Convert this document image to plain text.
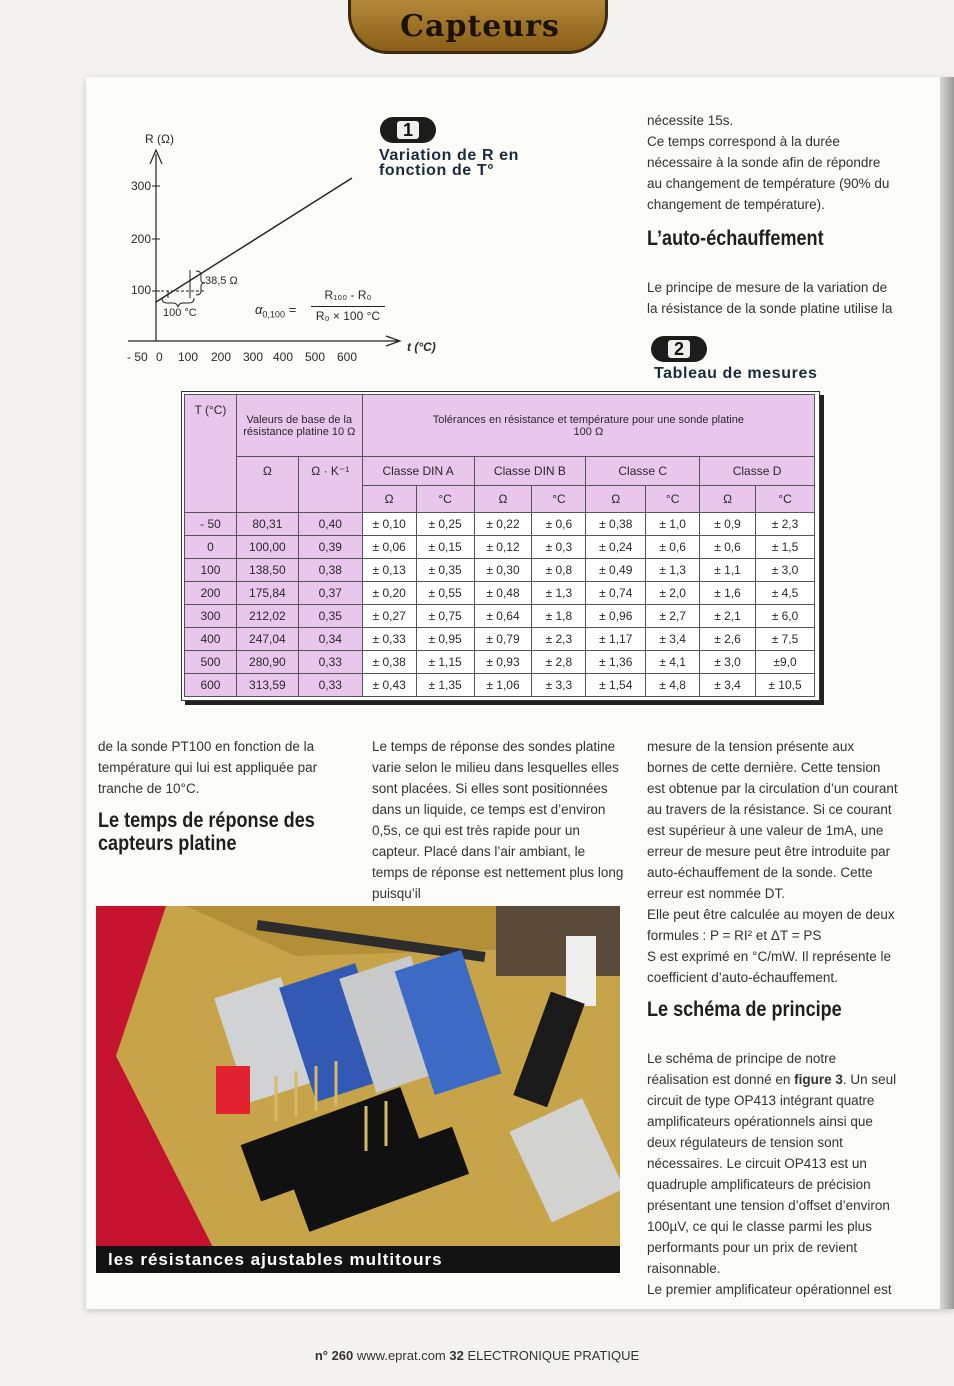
Capteurs
R (Ω)
t (°C)
300
200
100
- 50 0 100 200 300 400 500 600
38,5 Ω
100 °C	$\alpha_{0,100}$ =
R₁₀₀ - R₀
R₀ × 100 °C
1
Variation de R en
fonction de T°
nécessite 15s.
Ce temps correspond à la durée nécessaire à la sonde afin de répondre au changement de température (90% du changement de température).
L’auto-échauffement
Le principe de mesure de la variation de la résistance de la sonde platine utilise la
2
Tableau de mesures
T (°C)	Valeurs de base de la résistance platine 10 Ω		Tolérances en résistance et température pour une sonde platine 100 Ω							
	Ω	Ω · K⁻¹	Classe DIN A		Classe DIN B		Classe C		Classe D	
			Ω	°C	Ω	°C	Ω	°C	Ω	°C
- 50	80,31	0,40	± 0,10	± 0,25	± 0,22	± 0,6	± 0,38	± 1,0	± 0,9	± 2,3
0	100,00	0,39	± 0,06	± 0,15	± 0,12	± 0,3	± 0,24	± 0,6	± 0,6	± 1,5
100	138,50	0,38	± 0,13	± 0,35	± 0,30	± 0,8	± 0,49	± 1,3	± 1,1	± 3,0
200	175,84	0,37	± 0,20	± 0,55	± 0,48	± 1,3	± 0,74	± 2,0	± 1,6	± 4,5
300	212,02	0,35	± 0,27	± 0,75	± 0,64	± 1,8	± 0,96	± 2,7	± 2,1	± 6,0
400	247,04	0,34	± 0,33	± 0,95	± 0,79	± 2,3	± 1,17	± 3,4	± 2,6	± 7,5
500	280,90	0,33	± 0,38	± 1,15	± 0,93	± 2,8	± 1,36	± 4,1	± 3,0	±9,0
600	313,59	0,33	± 0,43	± 1,35	± 1,06	± 3,3	± 1,54	± 4,8	± 3,4	± 10,5
de la sonde PT100 en fonction de la température qui lui est appliquée par tranche de 10°C.
Le temps de réponse des capteurs platine
Le temps de réponse des sondes platine varie selon le milieu dans lesquelles elles sont placées. Si elles sont positionnées dans un liquide, ce temps est d’environ 0,5s, ce qui est très rapide pour un capteur. Placé dans l’air ambiant, le temps de réponse est nettement plus long puisqu’il
mesure de la tension présente aux bornes de cette dernière. Cette tension est obtenue par la circulation d’un courant au travers de la résistance. Si ce courant est supérieur à une valeur de 1mA, une erreur de mesure peut être introduite par auto-échauffement de la sonde. Cette erreur est nommée DT.
Elle peut être calculée au moyen de deux formules : P = RI² et ΔT = PS
S est exprimé en °C/mW. Il représente le coefficient d’auto-échauffement.
Le schéma de principe
Le schéma de principe de notre réalisation est donné en figure 3. Un seul circuit de type OP413 intégrant quatre amplificateurs opérationnels ainsi que deux régulateurs de tension sont nécessaires. Le circuit OP413 est un quadruple amplificateurs de précision présentant une tension d’offset d’environ 100µV, ce qui le classe parmi les plus performants pour un prix de revient raisonnable.
Le premier amplificateur opérationnel est
les résistances ajustables multitours
n° 260 www.eprat.com 32 ELECTRONIQUE PRATIQUE
